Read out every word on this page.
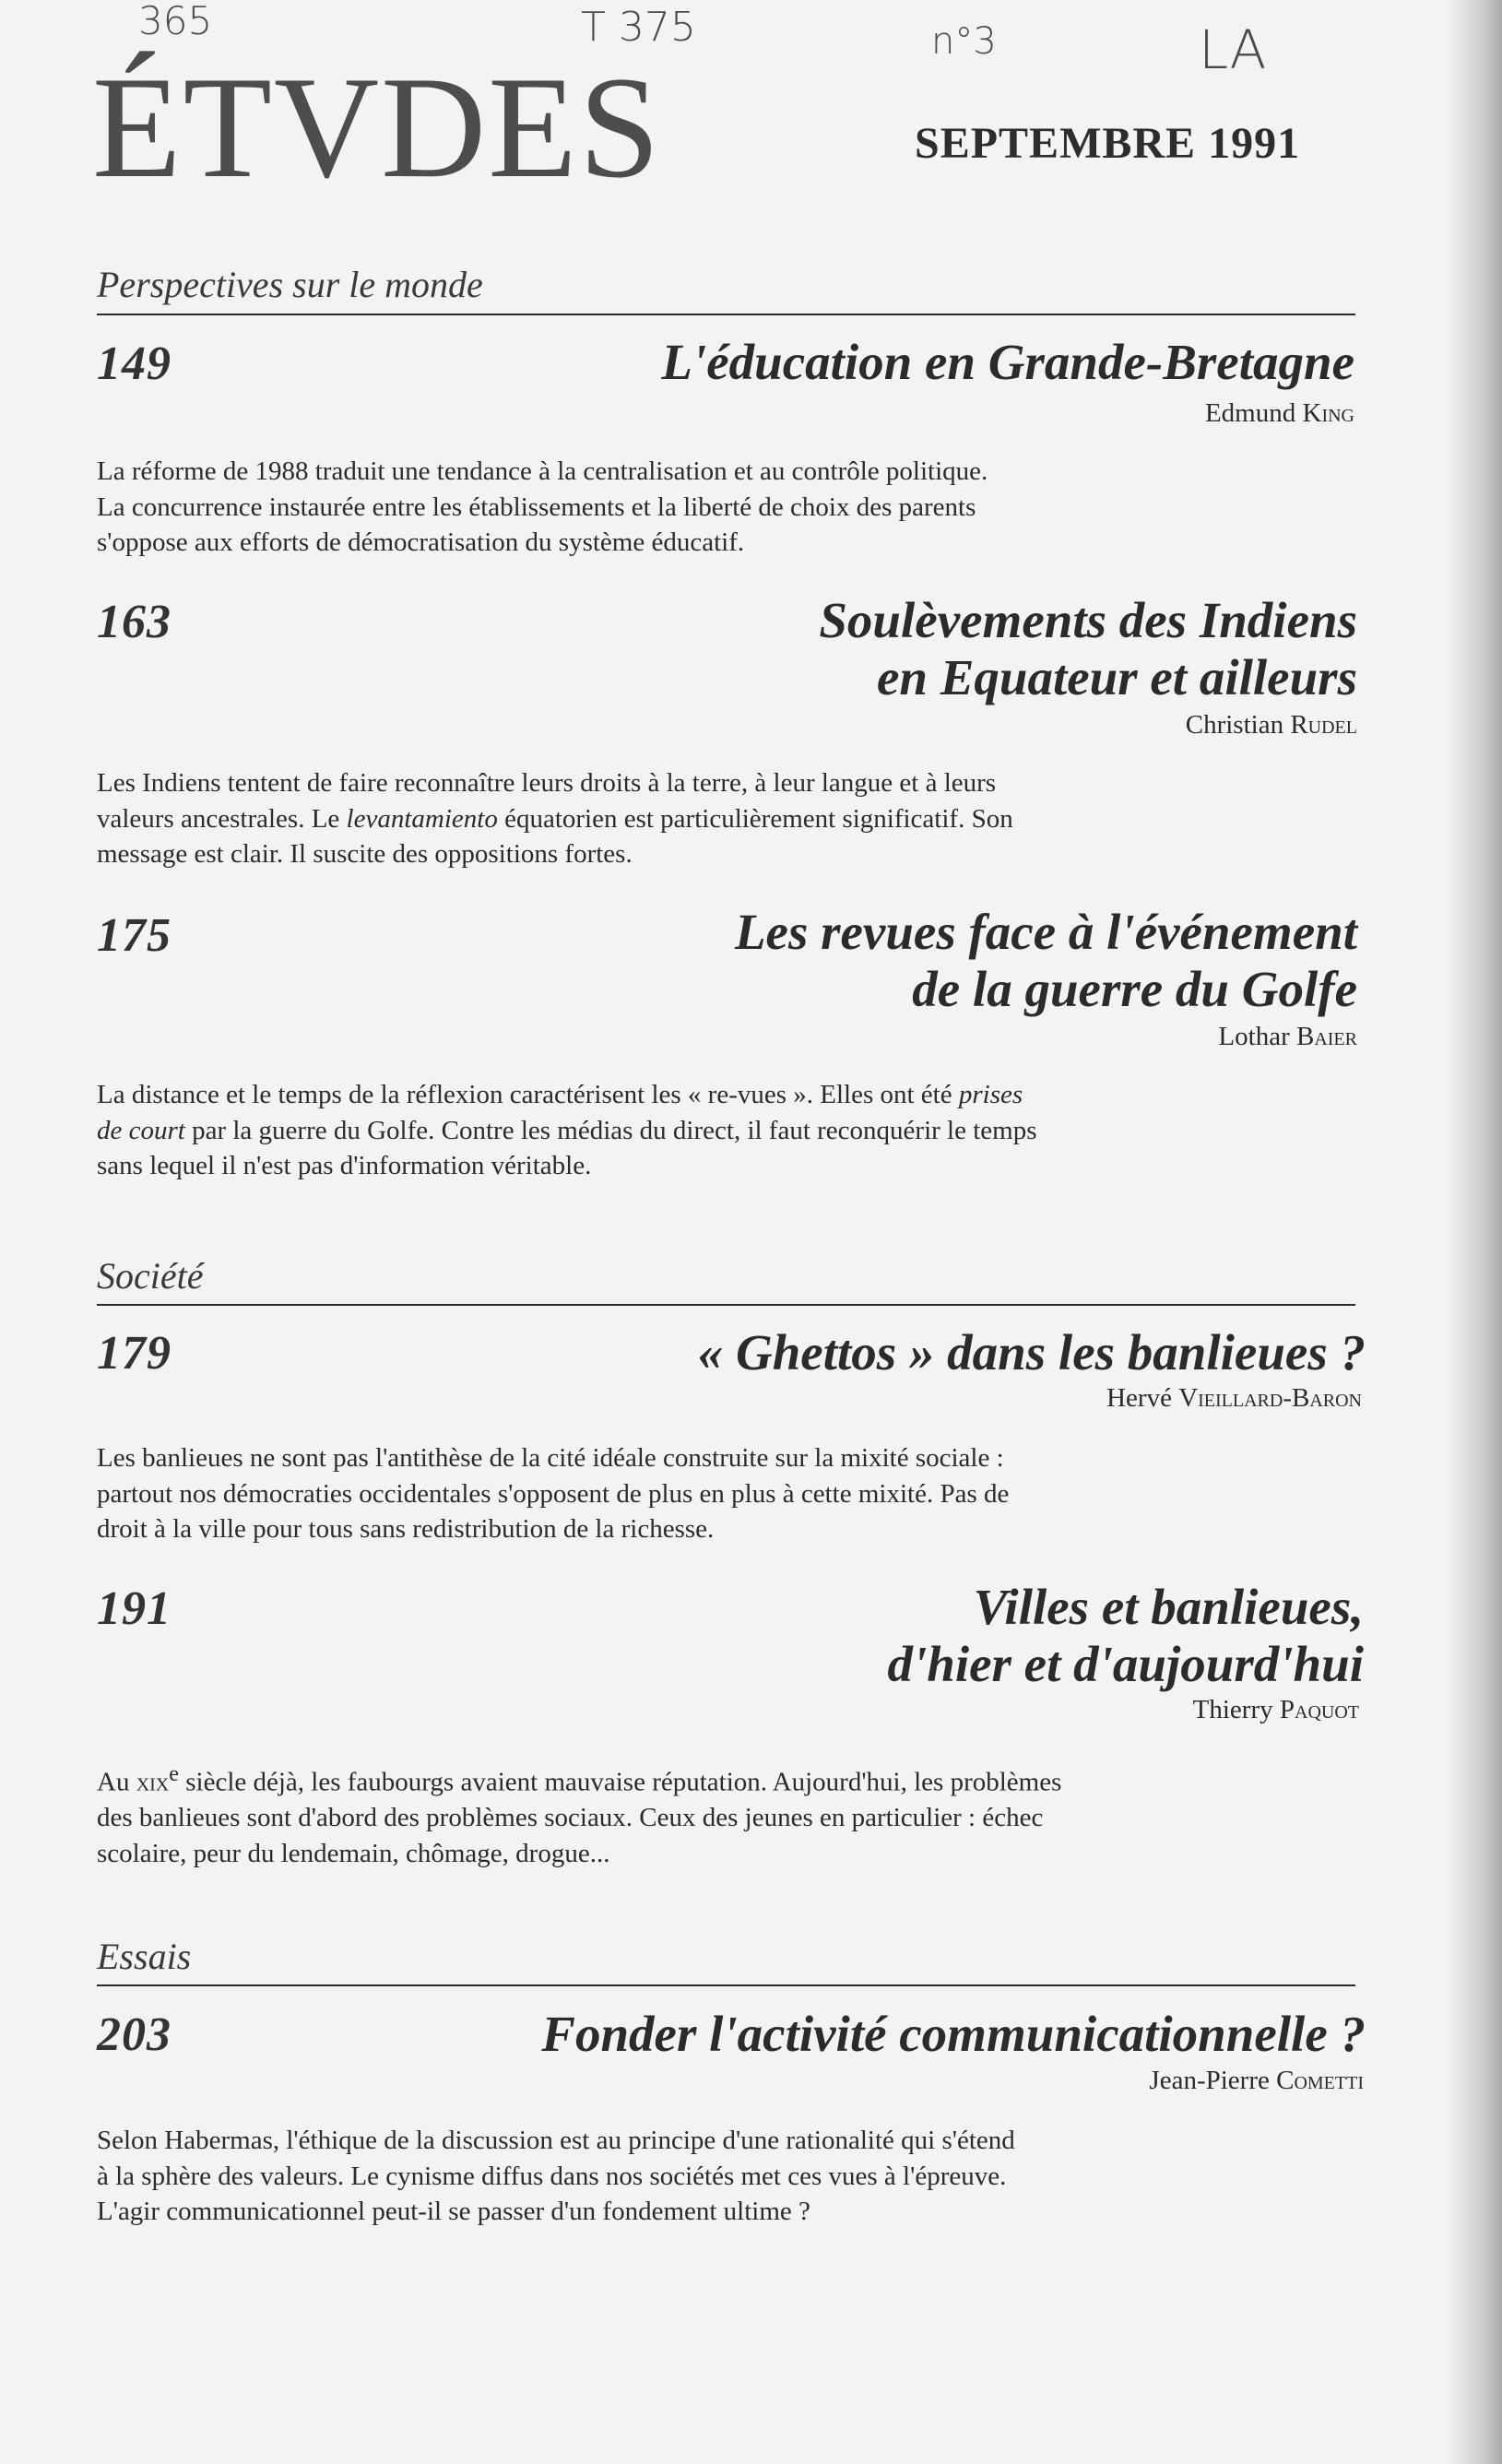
365	T 375	n°3	LA
ÉTVDES	SEPTEMBRE 1991
Perspectives sur le monde
149	L'éducation en Grande-Bretagne
Edmund King

La réforme de 1988 traduit une tendance à la centralisation et au contrôle politique.

La concurrence instaurée entre les établissements et la liberté de choix des parents

s'oppose aux efforts de démocratisation du système éducatif.

163	Soulèvements des Indiens
en Equateur et ailleurs
Christian Rudel

Les Indiens tentent de faire reconnaître leurs droits à la terre, à leur langue et à leurs

valeurs ancestrales. Le levantamiento équatorien est particulièrement significatif. Son

message est clair. Il suscite des oppositions fortes.

175	Les revues face à l'événement
de la guerre du Golfe
Lothar Baier

La distance et le temps de la réflexion caractérisent les « re-vues ». Elles ont été prises

de court par la guerre du Golfe. Contre les médias du direct, il faut reconquérir le temps

sans lequel il n'est pas d'information véritable.

Société
179	« Ghettos » dans les banlieues ?
Hervé Vieillard-Baron

Les banlieues ne sont pas l'antithèse de la cité idéale construite sur la mixité sociale :

partout nos démocraties occidentales s'opposent de plus en plus à cette mixité. Pas de

droit à la ville pour tous sans redistribution de la richesse.

191	Villes et banlieues,
d'hier et d'aujourd'hui
Thierry Paquot

Au xix$^e$ siècle déjà, les faubourgs avaient mauvaise réputation. Aujourd'hui, les problèmes

des banlieues sont d'abord des problèmes sociaux. Ceux des jeunes en particulier : échec

scolaire, peur du lendemain, chômage, drogue...

Essais
203	Fonder l'activité communicationnelle ?
Jean-Pierre Cometti

Selon Habermas, l'éthique de la discussion est au principe d'une rationalité qui s'étend

à la sphère des valeurs. Le cynisme diffus dans nos sociétés met ces vues à l'épreuve.

L'agir communicationnel peut-il se passer d'un fondement ultime ?
